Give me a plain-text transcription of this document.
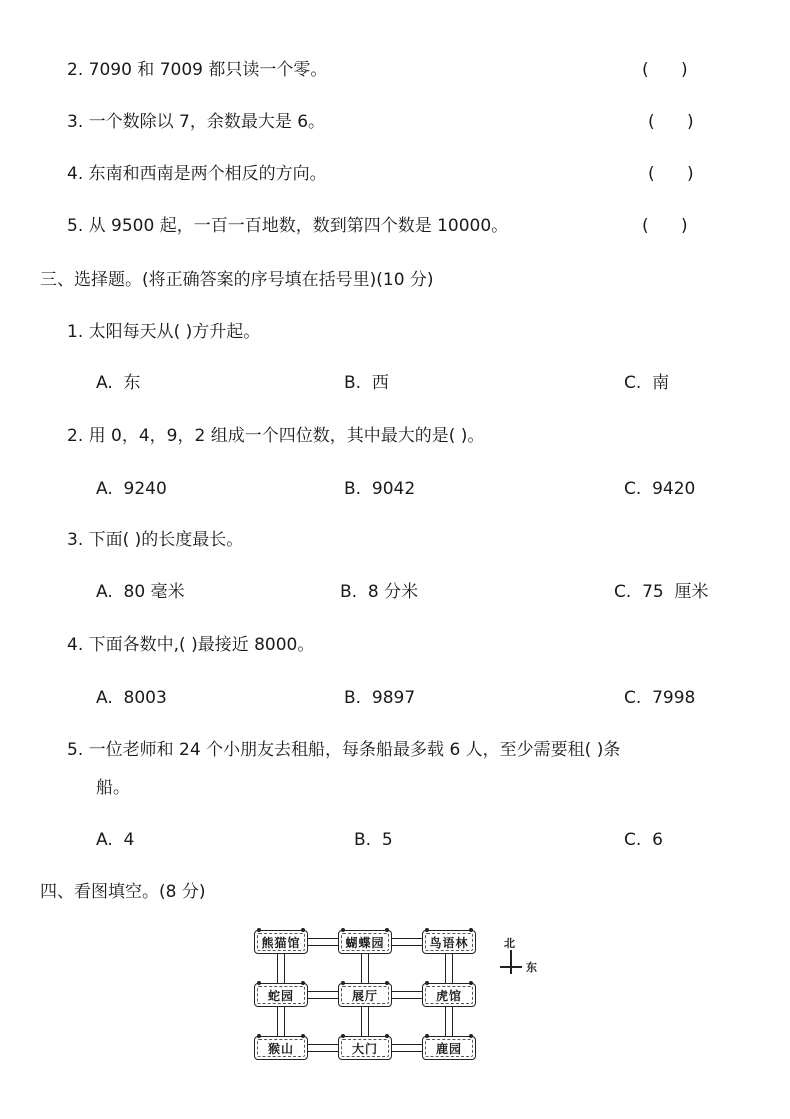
2. 7090 和 7009 都只读一个零。	(      )
3. 一个数除以 7，余数最大是 6。	(      )
4. 东南和西南是两个相反的方向。	(      )
5. 从 9500 起，一百一百地数，数到第四个数是 10000。	(      )
三、选择题。(将正确答案的序号填在括号里)(10 分)
1. 太阳每天从( )方升起。
A.  东	B.  西	C.  南
2. 用 0，4，9，2 组成一个四位数，其中最大的是( )。
A.  9240	B.  9042	C.  9420
3. 下面( )的长度最长。
A.  80 毫米	B.  8 分米	C.  75  厘米
4. 下面各数中,( )最接近 8000。
A.  8003	B.  9897	C.  7998
5. 一位老师和 24 个小朋友去租船，每条船最多载 6 人，至少需要租( )条
船。
A.  4	B.  5	C.  6
四、看图填空。(8 分)
熊猫馆	蝴蝶园	鸟语林
蛇园	展厅	虎馆
猴山	大门	鹿园
北
东
